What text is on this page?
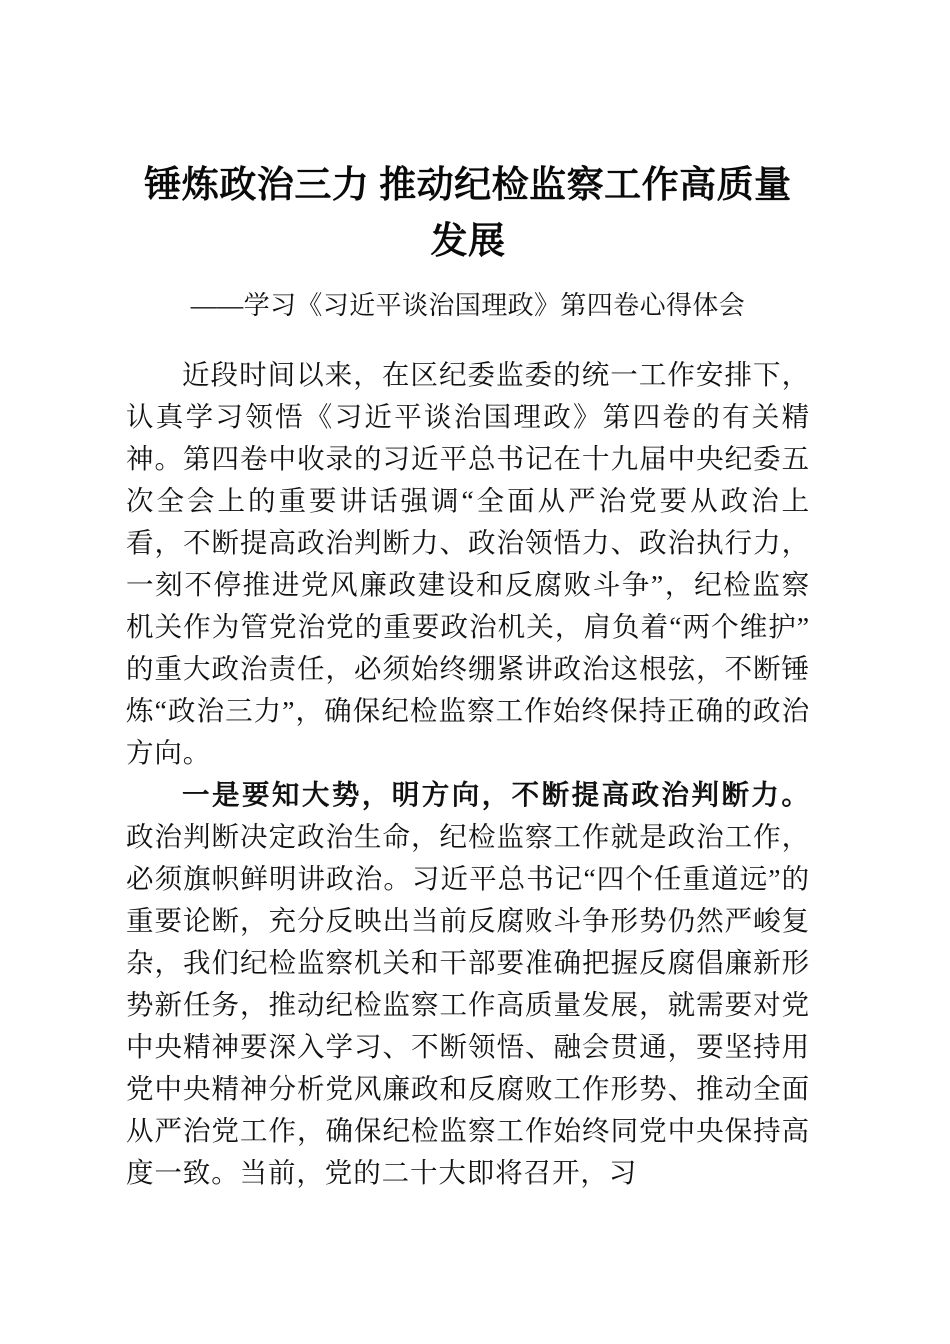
锤炼政治三力 推动纪检监察工作高质量发展
——学习《习近平谈治国理政》第四卷心得体会

近段时间以来，在区纪委监委的统一工作安排下，认真学习领悟《习近平谈治国理政》第四卷的有关精神。第四卷中收录的习近平总书记在十九届中央纪委五次全会上的重要讲话强调“全面从严治党要从政治上看，不断提高政治判断力、政治领悟力、政治执行力，一刻不停推进党风廉政建设和反腐败斗争”，纪检监察机关作为管党治党的重要政治机关，肩负着“两个维护”的重大政治责任，必须始终绷紧讲政治这根弦，不断锤炼“政治三力”，确保纪检监察工作始终保持正确的政治方向。

一是要知大势，明方向，不断提高政治判断力。政治判断决定政治生命，纪检监察工作就是政治工作，必须旗帜鲜明讲政治。习近平总书记“四个任重道远”的重要论断，充分反映出当前反腐败斗争形势仍然严峻复杂，我们纪检监察机关和干部要准确把握反腐倡廉新形势新任务，推动纪检监察工作高质量发展，就需要对党中央精神要深入学习、不断领悟、融会贯通，要坚持用党中央精神分析党风廉政和反腐败工作形势、推动全面从严治党工作，确保纪检监察工作始终同党中央保持高度一致。当前，党的二十大即将召开，习
